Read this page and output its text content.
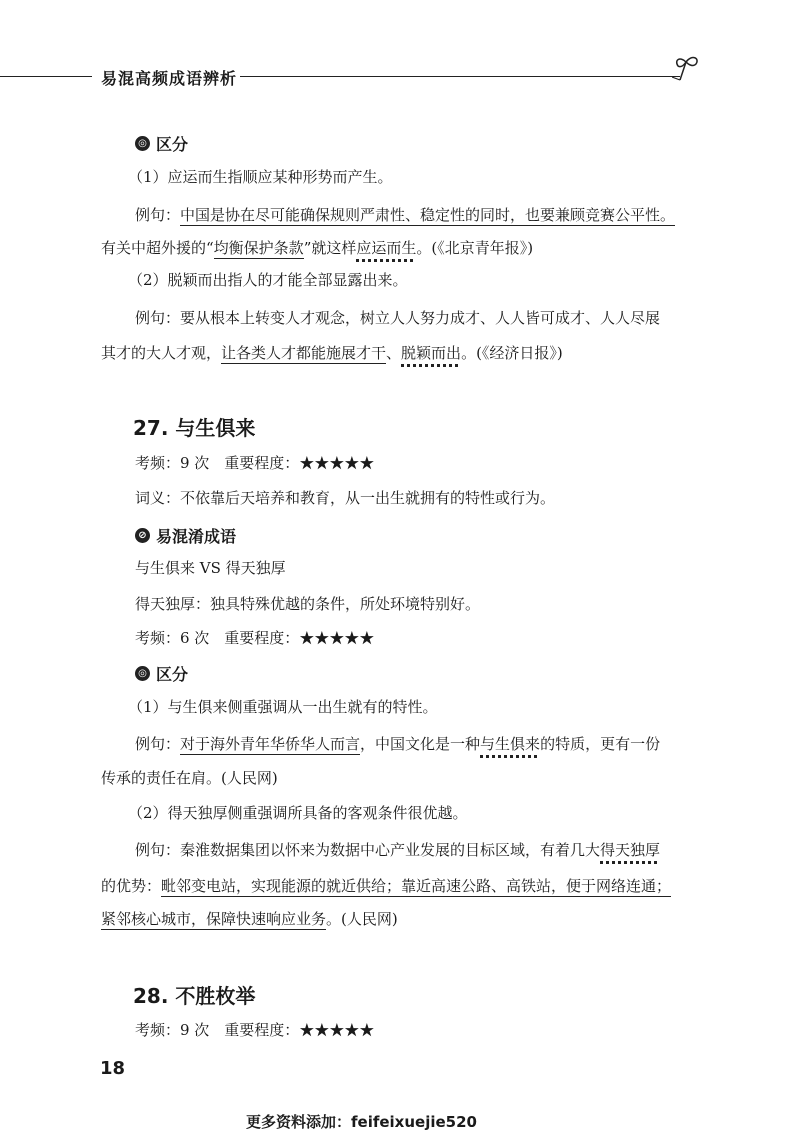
易混高频成语辨析
◎ 区分
（1）应运而生指顺应某种形势而产生。
例句：中国是协在尽可能确保规则严肃性、稳定性的同时，也要兼顾竞赛公平性。
有关中超外援的“均衡保护条款”就这样应运而生。(《北京青年报》)
（2）脱颖而出指人的才能全部显露出来。
例句：要从根本上转变人才观念，树立人人努力成才、人人皆可成才、人人尽展
其才的大人才观，让各类人才都能施展才干、脱颖而出。(《经济日报》)
27. 与生俱来
考频：9 次　重要程度：★★★★★
词义：不依靠后天培养和教育，从一出生就拥有的特性或行为。
⊘ 易混淆成语
与生俱来 VS 得天独厚
得天独厚：独具特殊优越的条件，所处环境特别好。
考频：6 次　重要程度：★★★★★
◎ 区分
（1）与生俱来侧重强调从一出生就有的特性。
例句：对于海外青年华侨华人而言，中国文化是一种与生俱来的特质，更有一份
传承的责任在肩。(人民网)
（2）得天独厚侧重强调所具备的客观条件很优越。
例句：秦淮数据集团以怀来为数据中心产业发展的目标区域，有着几大得天独厚
的优势：毗邻变电站，实现能源的就近供给；靠近高速公路、高铁站，便于网络连通；
紧邻核心城市，保障快速响应业务。(人民网)
28. 不胜枚举
考频：9 次　重要程度：★★★★★
18
更多资料添加：feifeixuejie520
